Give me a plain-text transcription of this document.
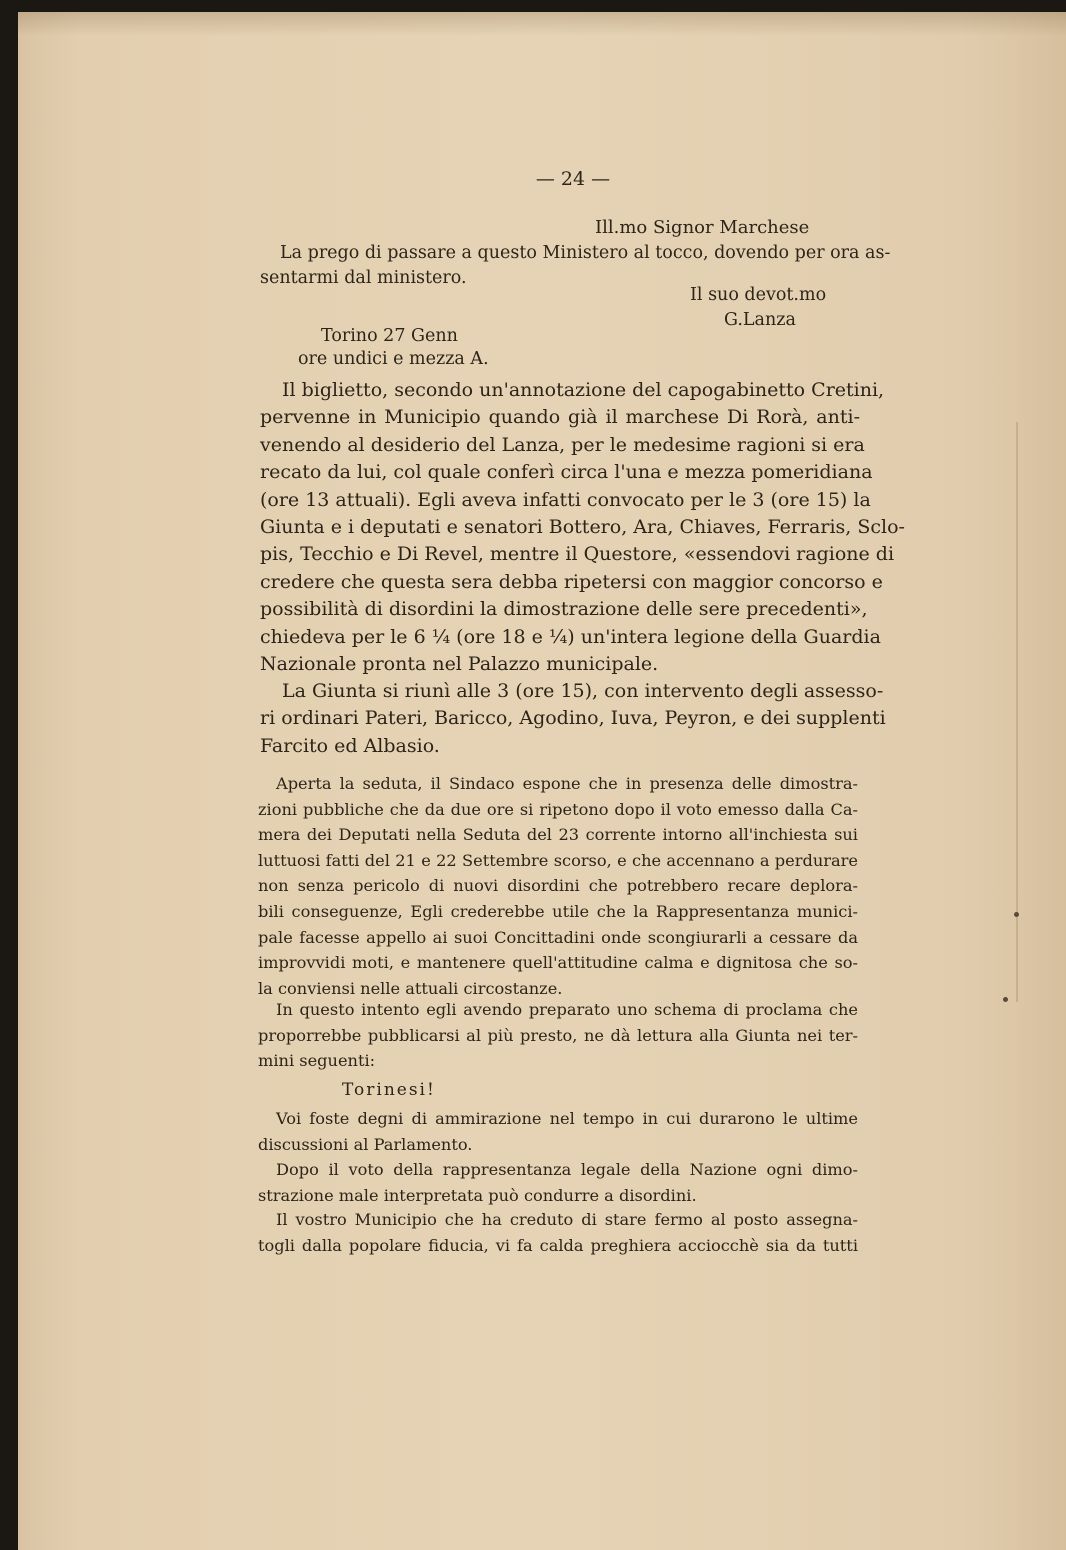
— 24 —
Ill.mo Signor Marchese
La prego di passare a questo Ministero al tocco, dovendo per ora as-
sentarmi dal ministero.
Il suo devot.mo
G.Lanza
Torino 27 Genn
ore undici e mezza A.
Il biglietto, secondo un'annotazione del capogabinetto Cretini,
pervenne in Municipio quando già il marchese Di Rorà, anti-
venendo al desiderio del Lanza, per le medesime ragioni si era
recato da lui, col quale conferì circa l'una e mezza pomeridiana
(ore 13 attuali). Egli aveva infatti convocato per le 3 (ore 15) la
Giunta e i deputati e senatori Bottero, Ara, Chiaves, Ferraris, Sclo-
pis, Tecchio e Di Revel, mentre il Questore, «essendovi ragione di
credere che questa sera debba ripetersi con maggior concorso e
possibilità di disordini la dimostrazione delle sere precedenti»,
chiedeva per le 6 ¼ (ore 18 e ¼) un'intera legione della Guardia
Nazionale pronta nel Palazzo municipale.
La Giunta si riunì alle 3 (ore 15), con intervento degli assesso-
ri ordinari Pateri, Baricco, Agodino, Iuva, Peyron, e dei supplenti
Farcito ed Albasio.
Aperta la seduta, il Sindaco espone che in presenza delle dimostra-
zioni pubbliche che da due ore si ripetono dopo il voto emesso dalla Ca-
mera dei Deputati nella Seduta del 23 corrente intorno all'inchiesta sui
luttuosi fatti del 21 e 22 Settembre scorso, e che accennano a perdurare
non senza pericolo di nuovi disordini che potrebbero recare deplora-
bili conseguenze, Egli crederebbe utile che la Rappresentanza munici-
pale facesse appello ai suoi Concittadini onde scongiurarli a cessare da
improvvidi moti, e mantenere quell'attitudine calma e dignitosa che so-
la conviensi nelle attuali circostanze.
In questo intento egli avendo preparato uno schema di proclama che
proporrebbe pubblicarsi al più presto, ne dà lettura alla Giunta nei ter-
mini seguenti:
Torinesi!
Voi foste degni di ammirazione nel tempo in cui durarono le ultime
discussioni al Parlamento.
Dopo il voto della rappresentanza legale della Nazione ogni dimo-
strazione male interpretata può condurre a disordini.
Il vostro Municipio che ha creduto di stare fermo al posto assegna-
togli dalla popolare fiducia, vi fa calda preghiera acciocchè sia da tutti
